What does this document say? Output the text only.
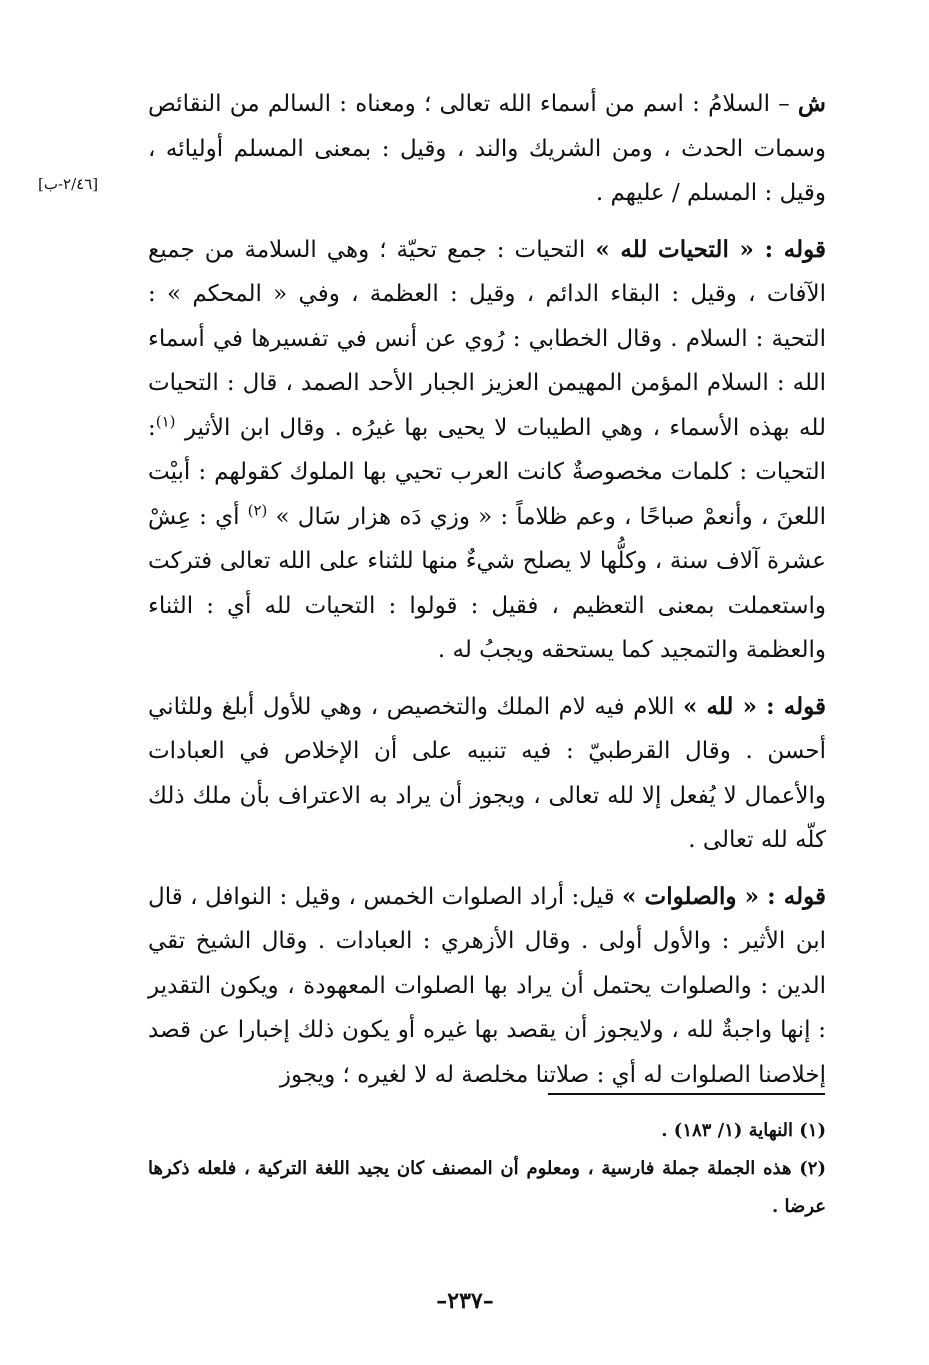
[٢/٤٦-ب]

ش – السلامُ : اسم من أسماء الله تعالى ؛ ومعناه : السالم من النقائص وسمات الحدث ، ومن الشريك والند ، وقيل : بمعنى المسلم أوليائه ، وقيل : المسلم / عليهم .

قوله : « التحيات لله » التحيات : جمع تحيّة ؛ وهي السلامة من جميع الآفات ، وقيل : البقاء الدائم ، وقيل : العظمة ، وفي « المحكم » : التحية : السلام . وقال الخطابي : رُوي عن أنس في تفسيرها في أسماء الله : السلام المؤمن المهيمن العزيز الجبار الأحد الصمد ، قال : التحيات لله بهذه الأسماء ، وهي الطيبات لا يحيى بها غيرُه . وقال ابن الأثير $^{(١)}$: التحيات : كلمات مخصوصةٌ كانت العرب تحيي بها الملوك كقولهم : أبيْت اللعنَ ، وأنعمْ صباحًا ، وعم ظلاماً : « وزي دَه هزار سَال » $^{(٢)}$ أي : عِشْ عشرة آلاف سنة ، وكلُّها لا يصلح شيءٌ منها للثناء على الله تعالى فتركت واستعملت بمعنى التعظيم ، فقيل : قولوا : التحيات لله أي : الثناء والعظمة والتمجيد كما يستحقه ويجبُ له .

قوله : « لله » اللام فيه لام الملك والتخصيص ، وهي للأول أبلغ وللثاني أحسن . وقال القرطبيّ : فيه تنبيه على أن الإخلاص في العبادات والأعمال لا يُفعل إلا لله تعالى ، ويجوز أن يراد به الاعتراف بأن ملك ذلك كلّه لله تعالى .

قوله : « والصلوات » قيل: أراد الصلوات الخمس ، وقيل : النوافل ، قال ابن الأثير : والأول أولى . وقال الأزهري : العبادات . وقال الشيخ تقي الدين : والصلوات يحتمل أن يراد بها الصلوات المعهودة ، ويكون التقدير : إنها واجبةٌ لله ، ولايجوز أن يقصد بها غيره أو يكون ذلك إخبارا عن قصد إخلاصنا الصلوات له أي : صلاتنا مخلصة له لا لغيره ؛ ويجوز

(١) النهاية (١/ ١٨٣) .

(٢) هذه الجملة جملة فارسية ، ومعلوم أن المصنف كان يجيد اللغة التركية ، فلعله ذكرها عرضا .

–٢٣٧–
